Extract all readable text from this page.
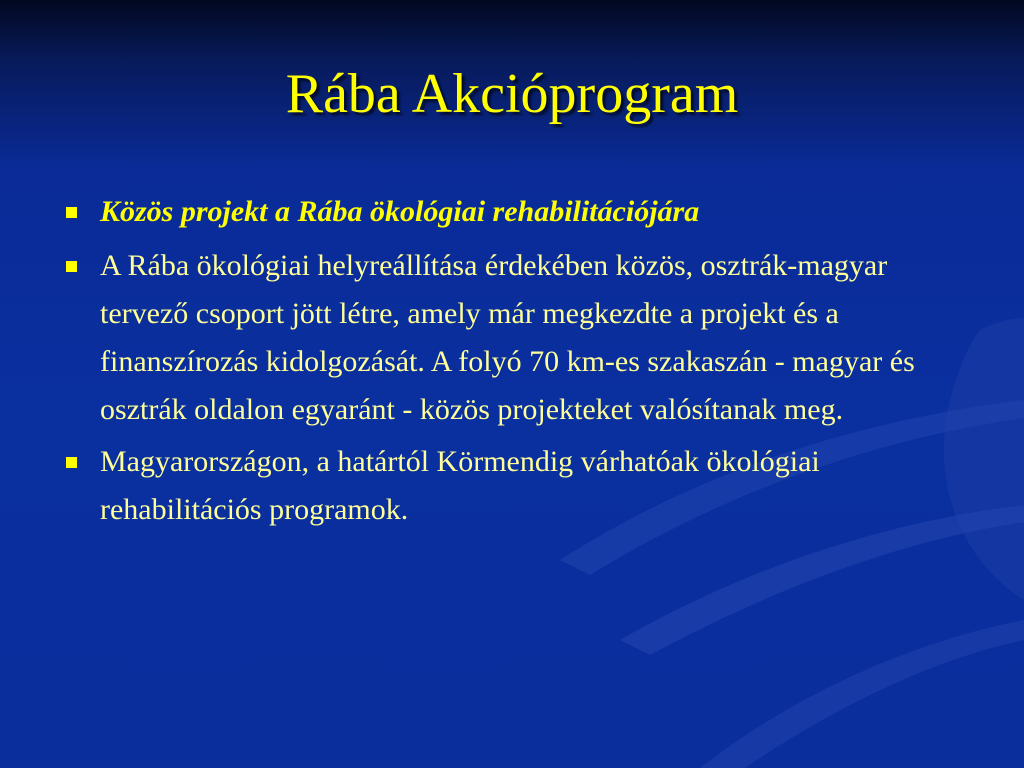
Rába Akcióprogram
Közös projekt a Rába ökológiai rehabilitációjára
A Rába ökológiai helyreállítása érdekében közös, osztrák-magyar tervező csoport jött létre, amely már megkezdte a projekt és a finanszírozás kidolgozását. A folyó 70 km-es szakaszán - magyar és osztrák oldalon egyaránt - közös projekteket valósítanak meg.
Magyarországon, a határtól Körmendig várhatóak ökológiai rehabilitációs programok.
